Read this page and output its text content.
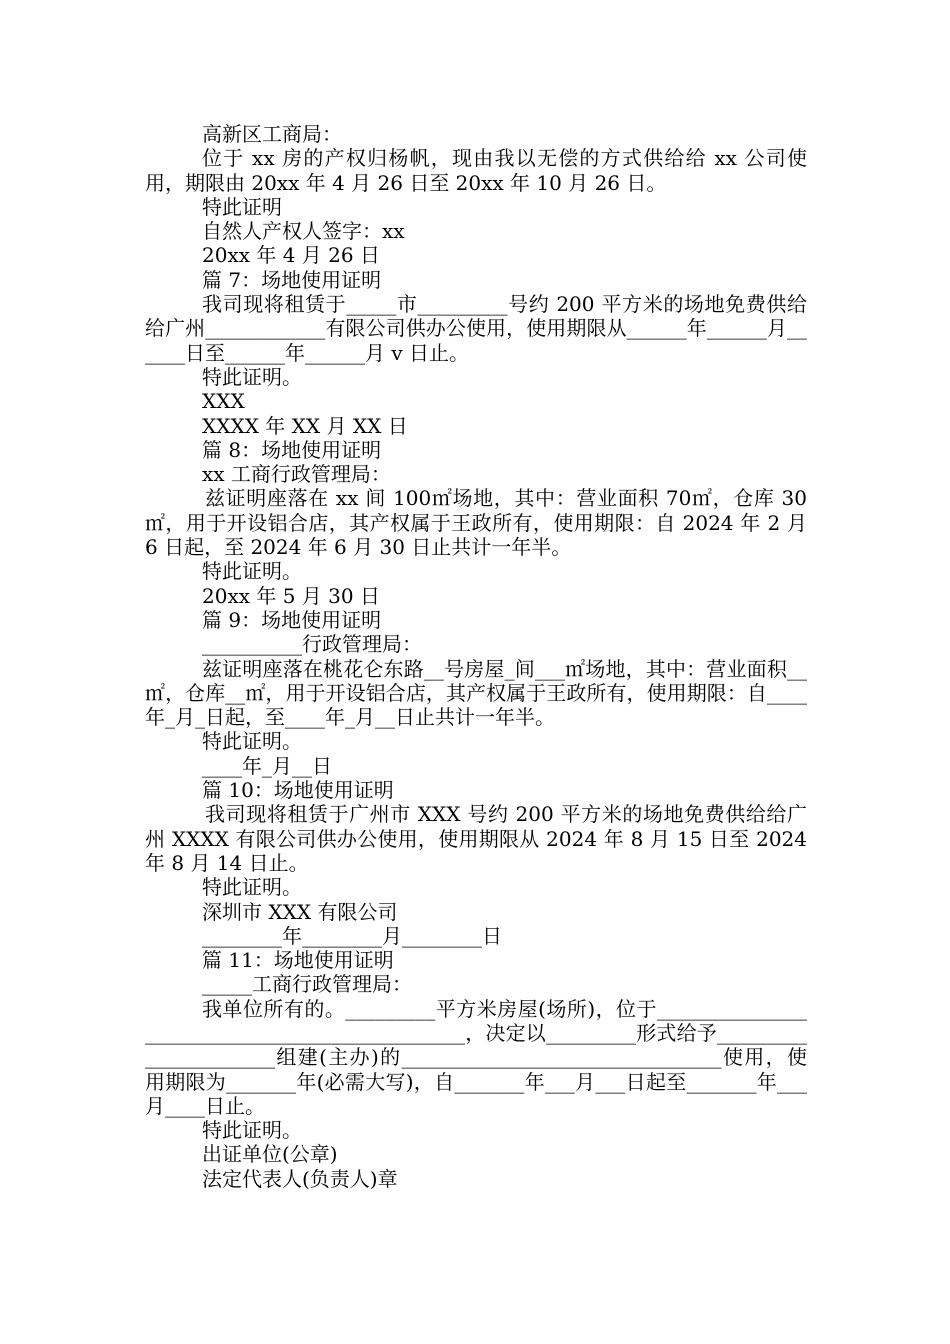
高新区工商局：

位于 xx 房的产权归杨帆，现由我以无偿的方式供给给 xx 公司使用，期限由 20xx 年 4 月 26 日至 20xx 年 10 月 26 日。

特此证明

自然人产权人签字：xx

20xx 年 4 月 26 日

篇 7：场地使用证明

我司现将租赁于_____市_________号约 200 平方米的场地免费供给给广州____________有限公司供办公使用，使用期限从______年______月______日至______年______月 v 日止。

特此证明。

XXX

XXXX 年 XX 月 XX 日

篇 8：场地使用证明

xx 工商行政管理局：

兹证明座落在 xx 间 100㎡场地，其中：营业面积 70㎡，仓库 30㎡，用于开设铝合店，其产权属于王政所有，使用期限：自 2024 年 2 月 6 日起，至 2024 年 6 月 30 日止共计一年半。

特此证明。

20xx 年 5 月 30 日

篇 9：场地使用证明

__________行政管理局：

兹证明座落在桃花仑东路__号房屋_间___㎡场地，其中：营业面积__㎡，仓库__㎡，用于开设铝合店，其产权属于王政所有，使用期限：自____年_月_日起，至____年_月__日止共计一年半。

特此证明。

____年_月__日

篇 10：场地使用证明

我司现将租赁于广州市 XXX 号约 200 平方米的场地免费供给给广州 XXXX 有限公司供办公使用，使用期限从 2024 年 8 月 15 日至 2024 年 8 月 14 日止。

特此证明。

深圳市 XXX 有限公司

________年________月________日

篇 11：场地使用证明

_____工商行政管理局：

我单位所有的。_________平方米房屋(场所)，位于_______________________________________________，决定以_________形式给予______________________组建(主办)的________________________________使用，使用期限为_______年(必需大写)，自_______年___月___日起至_______年___月____日止。

特此证明。

出证单位(公章)

法定代表人(负责人)章
